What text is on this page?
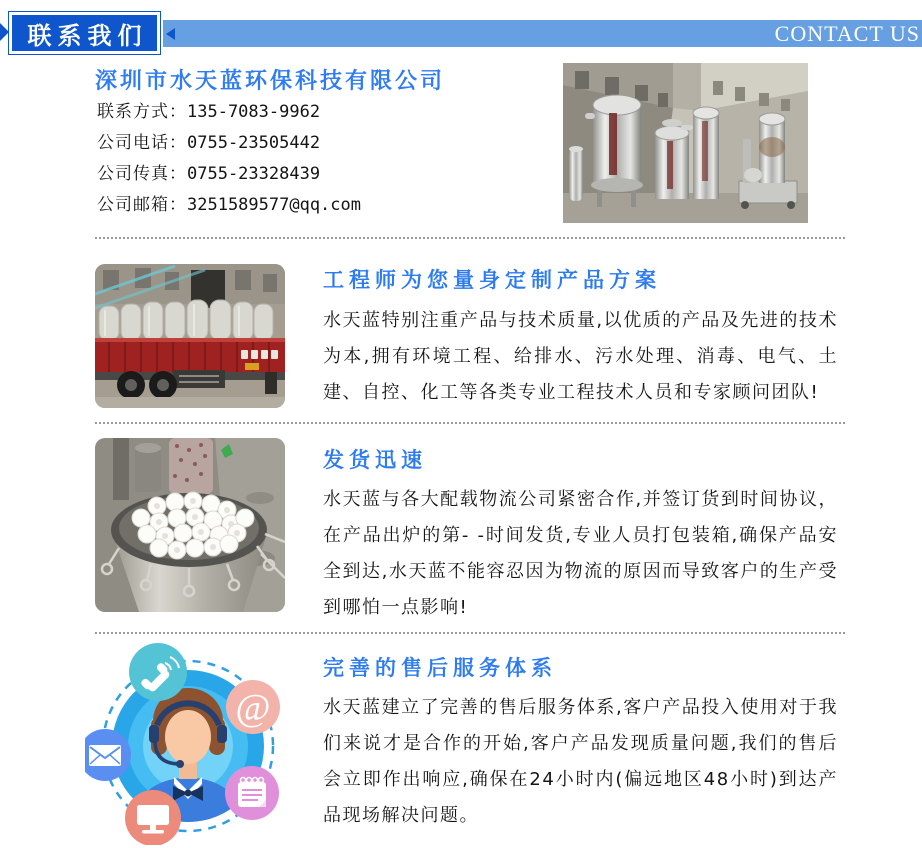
CONTACT US
联系我们
深圳市水天蓝环保科技有限公司
联系方式：135-7083-9962
公司电话：0755-23505442
公司传真：0755-23328439
公司邮箱：3251589577@qq.com
工程师为您量身定制产品方案
水天蓝特别注重产品与技术质量,以优质的产品及先进的技术为本,拥有环境工程、给排水、污水处理、消毒、电气、土建、自控、化工等各类专业工程技术人员和专家顾问团队!
发货迅速
水天蓝与各大配载物流公司紧密合作,并签订货到时间协议， 在产品出炉的第- -时间发货,专业人员打包装箱,确保产品安全到达,水天蓝不能容忍因为物流的原因而导致客户的生产受到哪怕一点影响!
@
完善的售后服务体系
水天蓝建立了完善的售后服务体系,客户产品投入使用对于我们来说才是合作的开始,客户产品发现质量问题,我们的售后会立即作出响应,确保在24小时内(偏远地区48小时)到达产品现场解决问题。
